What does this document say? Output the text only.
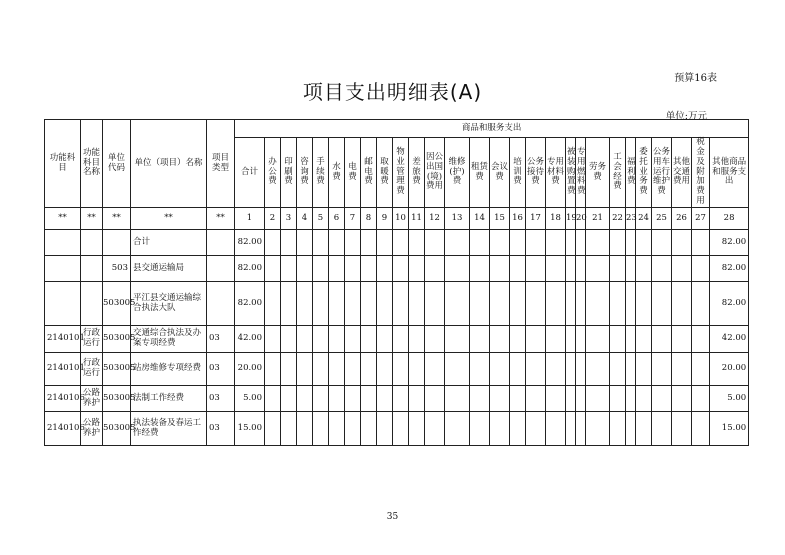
预算16表
项目支出明细表(A)
单位:万元
功能科目	功能科目名称	单位代码	单位（项目）名称	项目类型	商品和服务支出																											
					合计	办公费	印刷费	咨询费	手续费	水费	电费	邮电费	取暖费	物业管理费	差旅费	因公出国(境)费用	维修(护)费	租赁费	会议费	培训费	公务接待费	专用材料费	被装购置费	专用燃料费	劳务费	工会经费	福利费	委托业务费	公务用车运行维护费	其他交通费用	税金及附加费用	其他商品和服务支出
**	**	**	**	**	1	2	3	4	5	6	7	8	9	10	11	12	13	14	15	16	17	18	19	20	21	22	23	24	25	26	27	28
			合计		82.00																											82.00
		503	县交通运输局		82.00																											82.00
		503005	平江县交通运输综合执法大队		82.00																											82.00
2140101	行政运行	503005	交通综合执法及办案专项经费	03	42.00																											42.00
2140101	行政运行	503005	站房维修专项经费	03	20.00																											20.00
2140106	公路养护	503005	法制工作经费	03	5.00																											5.00
2140106	公路养护	503005	执法装备及春运工作经费	03	15.00																											15.00
35
